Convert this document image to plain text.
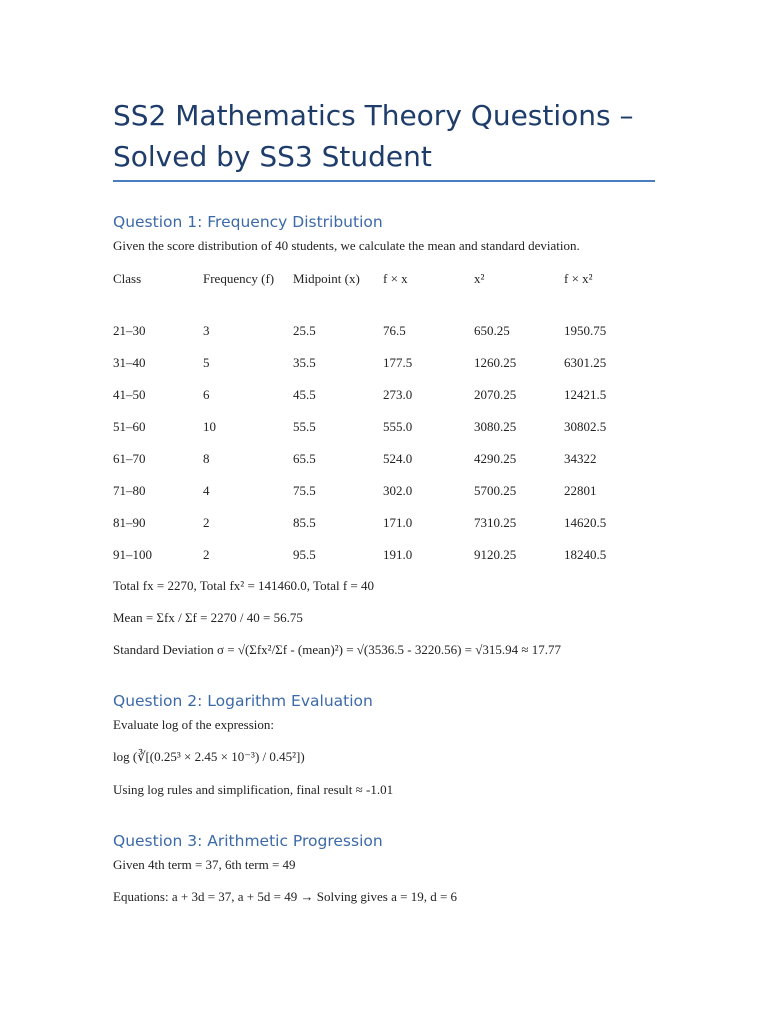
SS2 Mathematics Theory Questions – Solved by SS3 Student
Question 1: Frequency Distribution

Given the score distribution of 40 students, we calculate the mean and standard deviation.

Class	Frequency (f)	Midpoint (x)	f × x	x²	f × x²
21–30	3	25.5	76.5	650.25	1950.75
31–40	5	35.5	177.5	1260.25	6301.25
41–50	6	45.5	273.0	2070.25	12421.5
51–60	10	55.5	555.0	3080.25	30802.5
61–70	8	65.5	524.0	4290.25	34322
71–80	4	75.5	302.0	5700.25	22801
81–90	2	85.5	171.0	7310.25	14620.5
91–100	2	95.5	191.0	9120.25	18240.5

Total fx = 2270, Total fx² = 141460.0, Total f = 40

Mean = Σfx / Σf = 2270 / 40 = 56.75

Standard Deviation σ = √(Σfx²/Σf - (mean)²) = √(3536.5 - 3220.56) = √315.94 ≈ 17.77

Question 2: Logarithm Evaluation

Evaluate log of the expression:

log (∛[(0.25³ × 2.45 × 10⁻³) / 0.45²])

Using log rules and simplification, final result ≈ -1.01

Question 3: Arithmetic Progression

Given 4th term = 37, 6th term = 49

Equations: a + 3d = 37, a + 5d = 49 → Solving gives a = 19, d = 6
